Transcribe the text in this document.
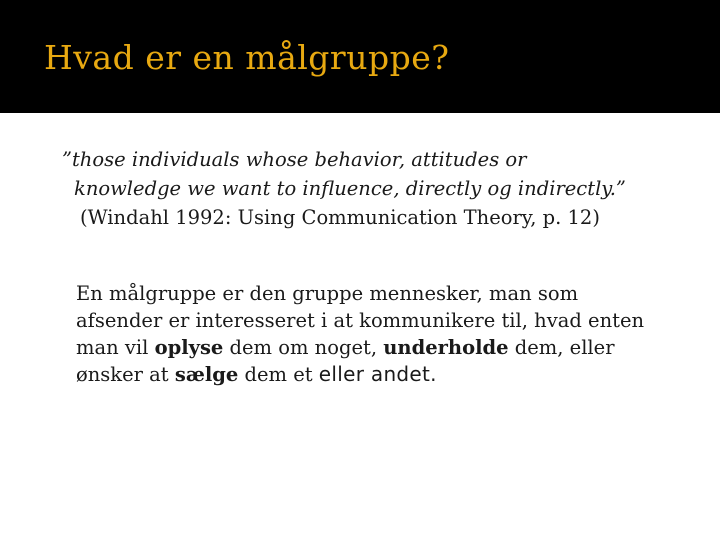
Hvad er en målgruppe?
”those individuals whose behavior, attitudes or
knowledge we want to influence, directly og indirectly.”
(Windahl 1992: Using Communication Theory, p. 12)
En målgruppe er den gruppe mennesker, man som
afsender er interesseret i at kommunikere til, hvad enten
man vil oplyse dem om noget, underholde dem, eller
ønsker at sælge dem et eller andet.
